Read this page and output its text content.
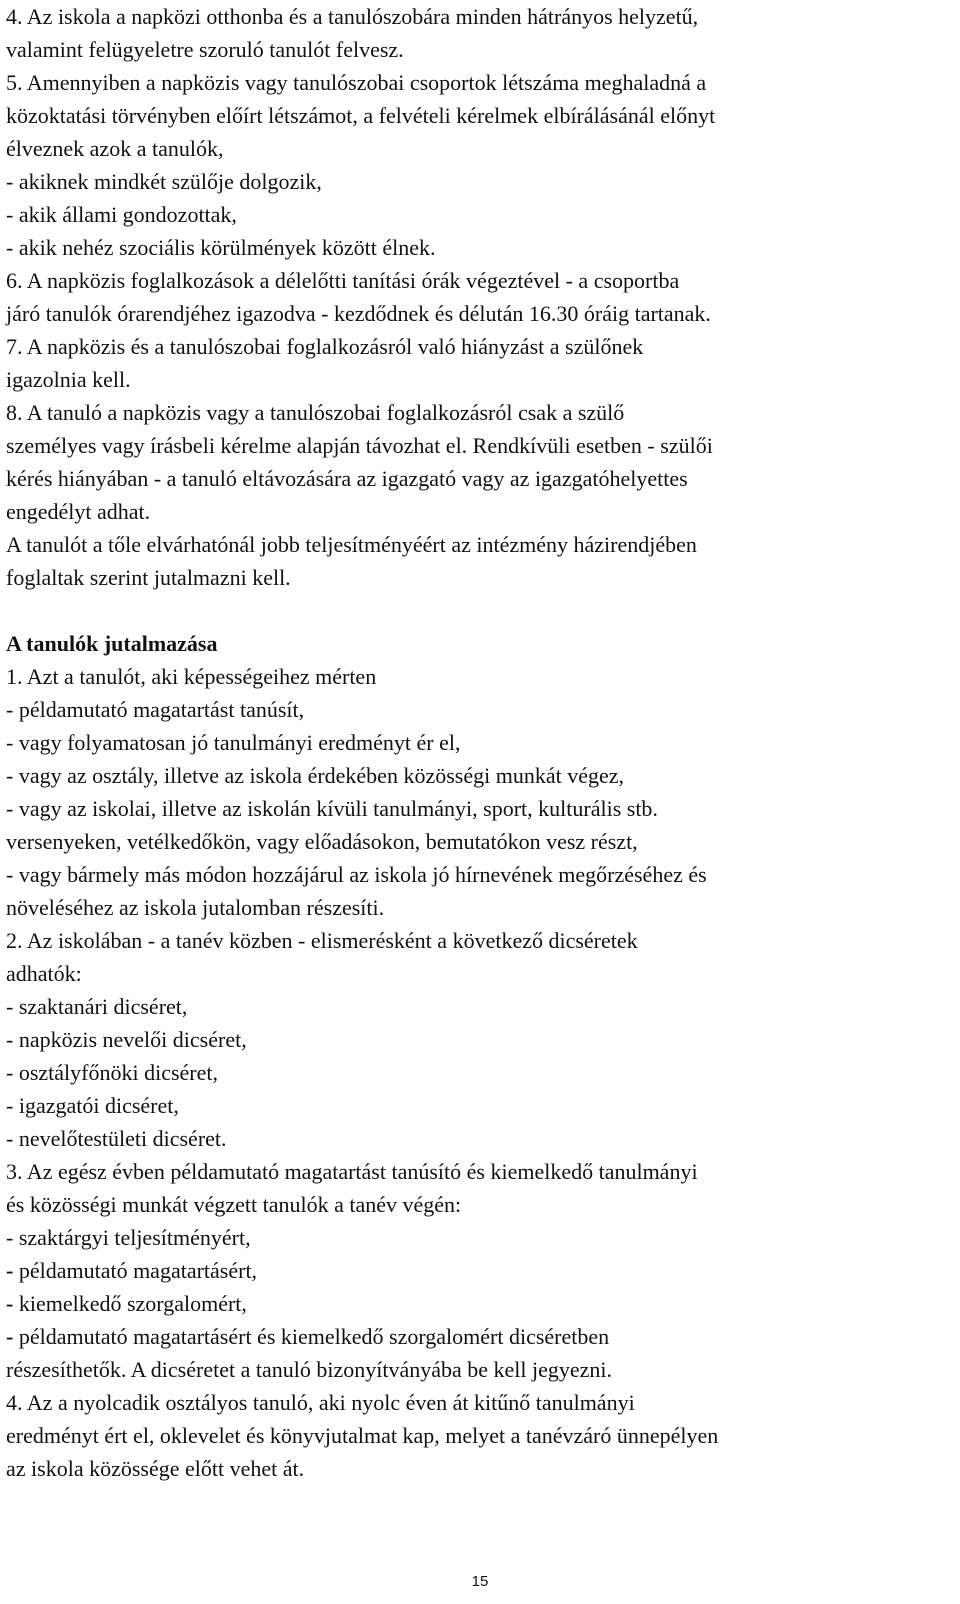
4. Az iskola a napközi otthonba és a tanulószobára minden hátrányos helyzetű,
valamint felügyeletre szoruló tanulót felvesz.
5. Amennyiben a napközis vagy tanulószobai csoportok létszáma meghaladná a
közoktatási törvényben előírt létszámot, a felvételi kérelmek elbírálásánál előnyt
élveznek azok a tanulók,
- akiknek mindkét szülője dolgozik,
- akik állami gondozottak,
- akik nehéz szociális körülmények között élnek.
6. A napközis foglalkozások a délelőtti tanítási órák végeztével - a csoportba
járó tanulók órarendjéhez igazodva - kezdődnek és délután 16.30 óráig tartanak.
7. A napközis és a tanulószobai foglalkozásról való hiányzást a szülőnek
igazolnia kell.
8. A tanuló a napközis vagy a tanulószobai foglalkozásról csak a szülő
személyes vagy írásbeli kérelme alapján távozhat el. Rendkívüli esetben - szülői
kérés hiányában - a tanuló eltávozására az igazgató vagy az igazgatóhelyettes
engedélyt adhat.
A tanulót a tőle elvárhatónál jobb teljesítményéért az intézmény házirendjében
foglaltak szerint jutalmazni kell.
A tanulók jutalmazása
1. Azt a tanulót, aki képességeihez mérten
- példamutató magatartást tanúsít,
- vagy folyamatosan jó tanulmányi eredményt ér el,
- vagy az osztály, illetve az iskola érdekében közösségi munkát végez,
- vagy az iskolai, illetve az iskolán kívüli tanulmányi, sport, kulturális stb.
versenyeken, vetélkedőkön, vagy előadásokon, bemutatókon vesz részt,
- vagy bármely más módon hozzájárul az iskola jó hírnevének megőrzéséhez és
növeléséhez az iskola jutalomban részesíti.
2. Az iskolában - a tanév közben - elismerésként a következő dicséretek
adhatók:
- szaktanári dicséret,
- napközis nevelői dicséret,
- osztályfőnöki dicséret,
- igazgatói dicséret,
- nevelőtestületi dicséret.
3. Az egész évben példamutató magatartást tanúsító és kiemelkedő tanulmányi
és közösségi munkát végzett tanulók a tanév végén:
- szaktárgyi teljesítményért,
- példamutató magatartásért,
- kiemelkedő szorgalomért,
- példamutató magatartásért és kiemelkedő szorgalomért dicséretben
részesíthetők. A dicséretet a tanuló bizonyítványába be kell jegyezni.
4. Az a nyolcadik osztályos tanuló, aki nyolc éven át kitűnő tanulmányi
eredményt ért el, oklevelet és könyvjutalmat kap, melyet a tanévzáró ünnepélyen
az iskola közössége előtt vehet át.
15
